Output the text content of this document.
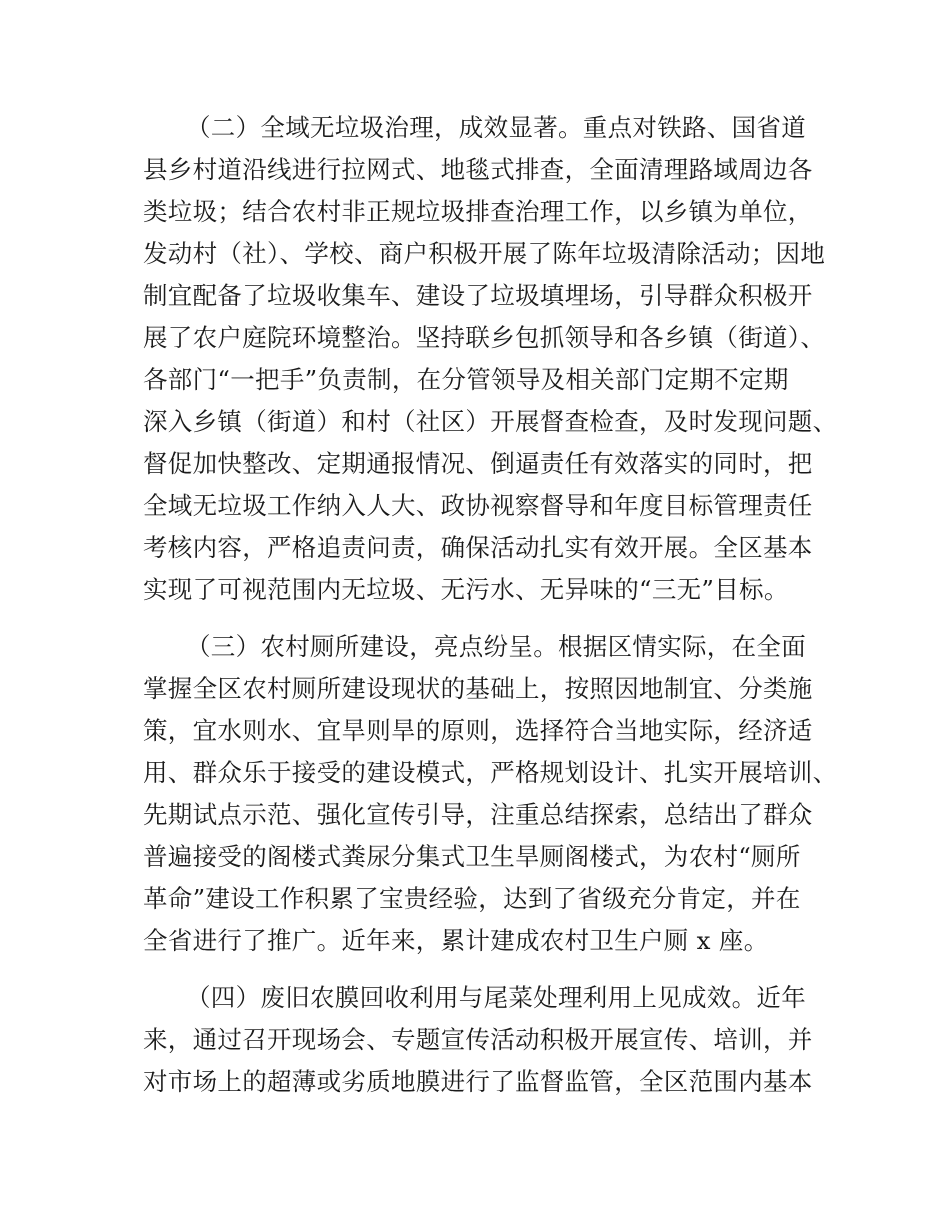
（二）全域无垃圾治理，成效显著。重点对铁路、国省道
县乡村道沿线进行拉网式、地毯式排查，全面清理路域周边各
类垃圾；结合农村非正规垃圾排查治理工作，以乡镇为单位，
发动村（社）、学校、商户积极开展了陈年垃圾清除活动；因地
制宜配备了垃圾收集车、建设了垃圾填埋场，引导群众积极开
展了农户庭院环境整治。坚持联乡包抓领导和各乡镇（街道）、
各部门“一把手”负责制，在分管领导及相关部门定期不定期
深入乡镇（街道）和村（社区）开展督查检查，及时发现问题、
督促加快整改、定期通报情况、倒逼责任有效落实的同时，把
全域无垃圾工作纳入人大、政协视察督导和年度目标管理责任
考核内容，严格追责问责，确保活动扎实有效开展。全区基本
实现了可视范围内无垃圾、无污水、无异味的“三无”目标。
（三）农村厕所建设，亮点纷呈。根据区情实际，在全面
掌握全区农村厕所建设现状的基础上，按照因地制宜、分类施
策，宜水则水、宜旱则旱的原则，选择符合当地实际，经济适
用、群众乐于接受的建设模式，严格规划设计、扎实开展培训、
先期试点示范、强化宣传引导，注重总结探索，总结出了群众
普遍接受的阁楼式粪尿分集式卫生旱厕阁楼式，为农村“厕所
革命”建设工作积累了宝贵经验，达到了省级充分肯定，并在
全省进行了推广。近年来，累计建成农村卫生户厕 x 座。
（四）废旧农膜回收利用与尾菜处理利用上见成效。近年
来，通过召开现场会、专题宣传活动积极开展宣传、培训，并
对市场上的超薄或劣质地膜进行了监督监管，全区范围内基本
